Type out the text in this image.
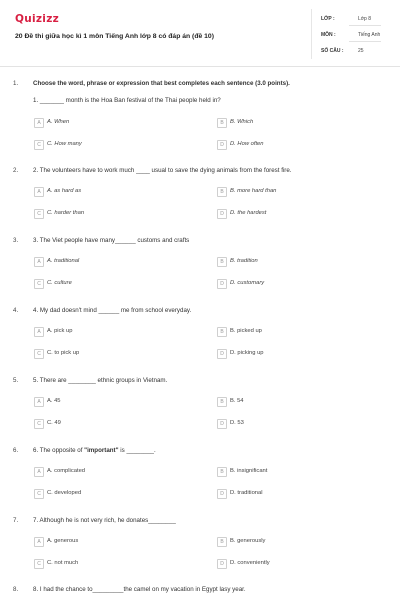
Quizizz
20 Đề thi giữa học kì 1 môn Tiếng Anh lớp 8 có đáp án (đề 10)
LỚP :	Lớp 8
MÔN :	Tiếng Anh
SỐ CÂU :	25
1. Choose the word, phrase or expression that best completes each sentence (3.0 points).
1. _______ month is the Hoa Ban festival of the Thai people held in?
A	A. When	B	B. Which
C	C. How many	D	D. How often
2. 2. The volunteers have to work much ____ usual to save the dying animals from the forest fire.
A	A. as hard as	B	B. more hard than
C	C. harder than	D	D. the hardest
3. 3. The Viet people have many______ customs and crafts
A	A. traditional	B	B. tradition
C	C. culture	D	D. customary
4. 4. My dad doesn't mind ______ me from school everyday.
A	A. pick up	B	B. picked up
C	C. to pick up	D	D. picking up
5. 5. There are ________ ethnic groups in Vietnam.
A	A. 45	B	B. 54
C	C. 49	D	D. 53
6. 6. The opposite of "important" is ________.
A	A. complicated	B	B. insignificant
C	C. developed	D	D. traditional
7. 7. Although he is not very rich, he donates________
A	A. generous	B	B. generously
C	C. not much	D	D. conveniently
8. 8. I had the chance to_________the camel on my vacation in Egypt lasy year.
